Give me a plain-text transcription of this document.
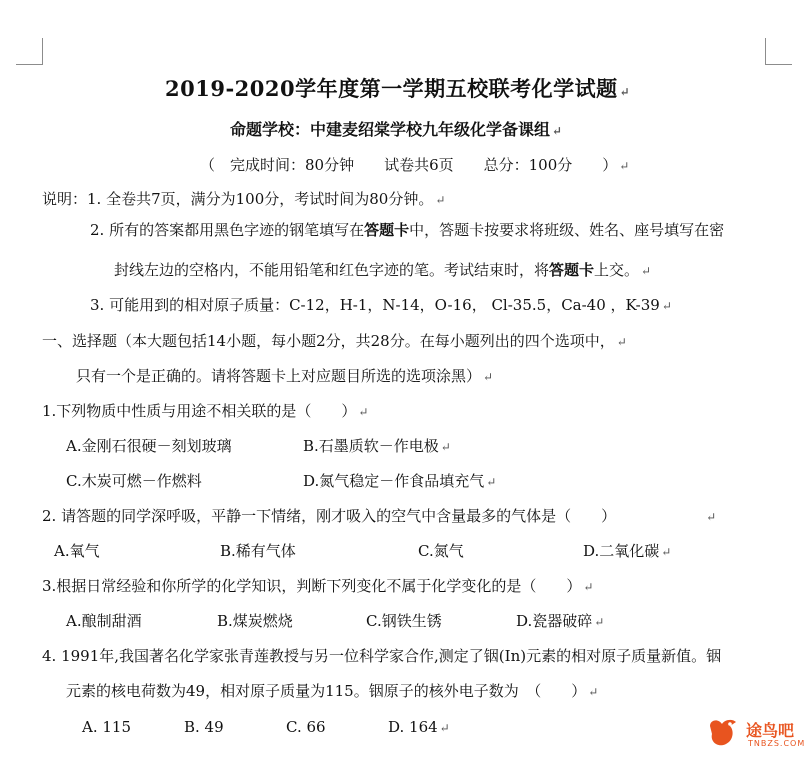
2019-2020学年度第一学期五校联考化学试题 ↵
命题学校：中建麦绍棠学校九年级化学备课组 ↵
（　完成时间：80分钟　　试卷共6页　　总分：100分　　） ↵
说明：1. 全卷共7页，满分为100分，考试时间为80分钟。 ↵
2. 所有的答案都用黑色字迹的钢笔填写在答题卡中，答题卡按要求将班级、姓名、座号填写在密
封线左边的空格内，不能用铅笔和红色字迹的笔。考试结束时，将答题卡上交。 ↵
3. 可能用到的相对原子质量：C-12，H-1，N-14，O-16， Cl-35.5，Ca-40 ，K-39 ↵
一、选择题（本大题包括14小题，每小题2分，共28分。在每小题列出的四个选项中， ↵
只有一个是正确的。请将答题卡上对应题目所选的选项涂黑） ↵
1.下列物质中性质与用途不相关联的是（　　） ↵
A.金刚石很硬－刻划玻璃	B.石墨质软－作电极 ↵
C.木炭可燃－作燃料	D.氮气稳定－作食品填充气 ↵
2. 请答题的同学深呼吸，平静一下情绪，刚才吸入的空气中含量最多的气体是（　　）	↵
A.氧气	B.稀有气体	C.氮气	D.二氧化碳 ↵
3.根据日常经验和你所学的化学知识，判断下列变化不属于化学变化的是（　　） ↵
A.酿制甜酒	B.煤炭燃烧	C.钢铁生锈	D.瓷器破碎 ↵
4. 1991年,我国著名化学家张青莲教授与另一位科学家合作,测定了铟(In)元素的相对原子质量新值。铟
元素的核电荷数为49，相对原子质量为115。铟原子的核外电子数为　（　　） ↵
A. 115	B. 49	C. 66	D. 164 ↵	途鸟吧
TNBZS.COM
